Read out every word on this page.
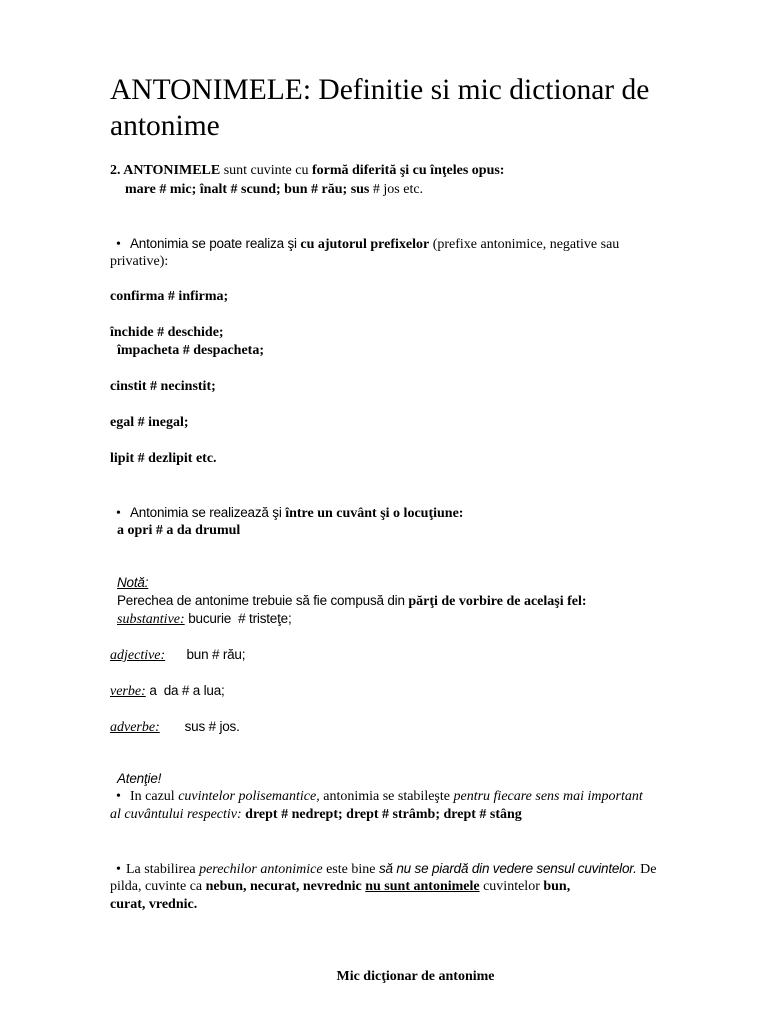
ANTONIMELE: Definitie si mic dictionar de antonime
2. ANTONIMELE sunt cuvinte cu formă diferită şi cu înţeles opus:
mare # mic; înalt # scund; bun # rău; sus # jos etc.
• Antonimia se poate realiza şi cu ajutorul prefixelor (prefixe antonimice, negative sau
privative):
confirma # infirma;
închide # deschide;
împacheta # despacheta;
cinstit # necinstit;
egal # inegal;
lipit # dezlipit etc.
• Antonimia se realizează şi între un cuvânt şi o locuţiune:
a opri # a da drumul
Notă:
Perechea de antonime trebuie să fie compusă din părţi de vorbire de acelaşi fel:
substantive: bucurie  # tristeţe;
adjective:      bun # rău;
verbe: a  da # a lua;
adverbe:       sus # jos.
Atenţie!
• In cazul cuvintelor polisemantice, antonimia se stabileşte pentru fiecare sens mai important
al cuvântului respectiv: drept # nedrept; drept # strâmb; drept # stâng
• La stabilirea perechilor antonimice este bine să nu se piardă din vedere sensul cuvintelor. De
pilda, cuvinte ca nebun, necurat, nevrednic nu sunt antonimele cuvintelor bun,
curat, vrednic.
Mic dicţionar de antonime
